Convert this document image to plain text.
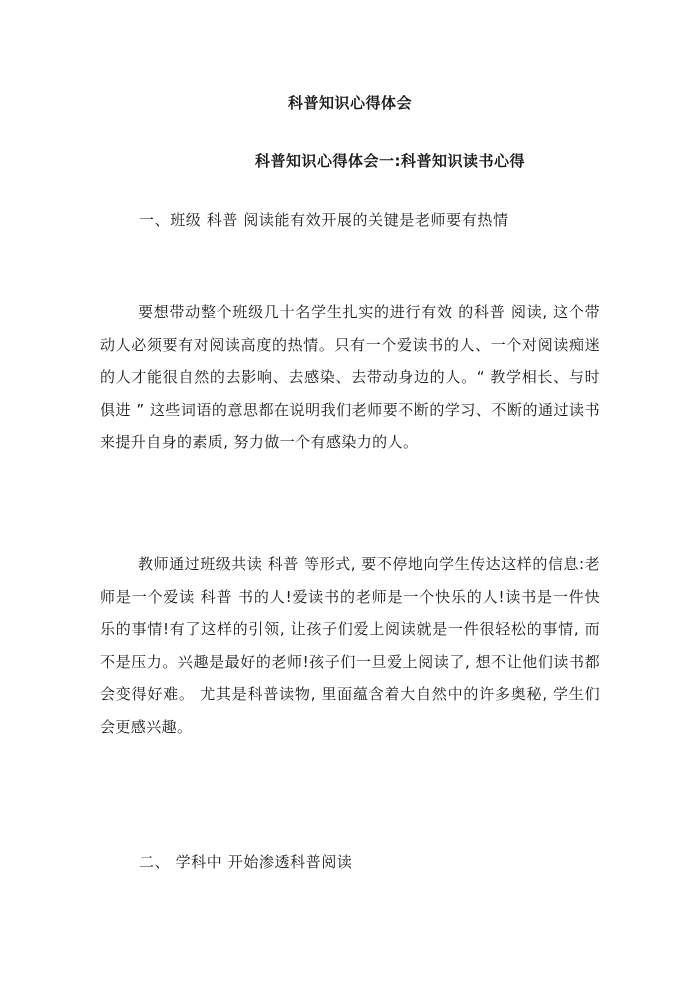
科普知识心得体会
科普知识心得体会一:科普知识读书心得
一、班级 科普 阅读能有效开展的关键是老师要有热情

要想带动整个班级几十名学生扎实的进行有效 的科普 阅读, 这个带动人必须要有对阅读高度的热情。只有一个爱读书的人、一个对阅读痴迷的人才能很自然的去影响、去感染、去带动身边的人。“ 教学相长、与时俱进 ” 这些词语的意思都在说明我们老师要不断的学习、不断的通过读书来提升自身的素质, 努力做一个有感染力的人。

教师通过班级共读 科普 等形式, 要不停地向学生传达这样的信息:老师是一个爱读 科普 书的人!爱读书的老师是一个快乐的人!读书是一件快乐的事情!有了这样的引领, 让孩子们爱上阅读就是一件很轻松的事情, 而不是压力。兴趣是最好的老师!孩子们一旦爱上阅读了, 想不让他们读书都会变得好难。 尤其是科普读物, 里面蕴含着大自然中的许多奥秘, 学生们会更感兴趣。

二、 学科中 开始渗透科普阅读
